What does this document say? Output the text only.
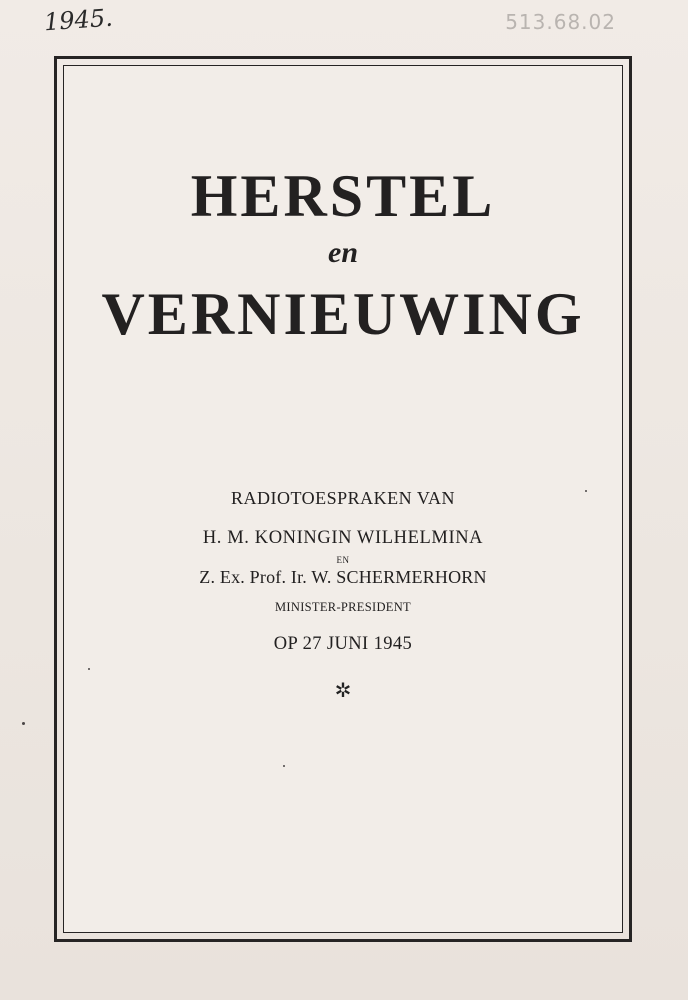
1945.	513.68.02
HERSTEL
en
VERNIEUWING
RADIOTOESPRAKEN VAN
H. M. KONINGIN WILHELMINA
EN
Z. Ex. Prof. Ir. W. SCHERMERHORN
MINISTER-PRESIDENT
OP 27 JUNI 1945
✲
